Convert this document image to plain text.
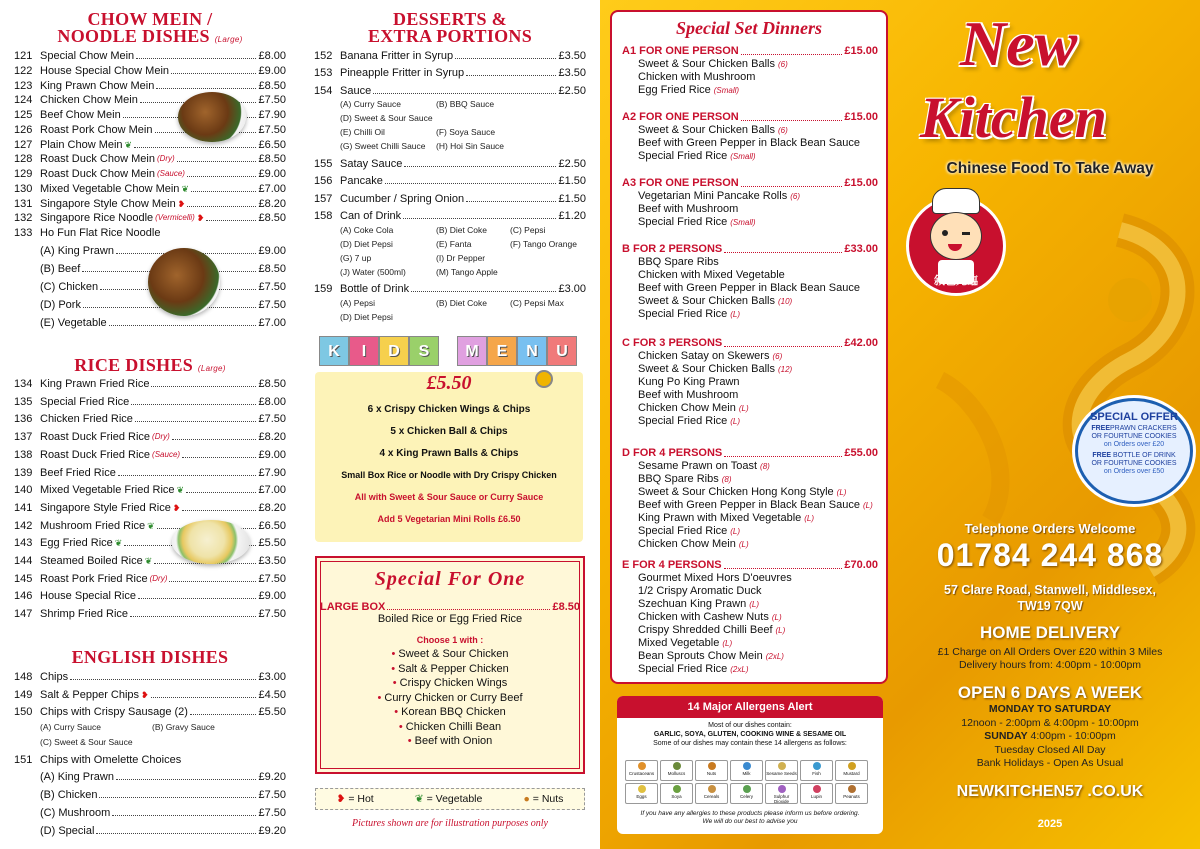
CHOW MEIN /
NOODLE DISHES (Large)
121 Special Chow Mein	£8.00
122 House Special Chow Mein	£9.00
123 King Prawn Chow Mein	£8.50
124 Chicken Chow Mein	£7.50
125 Beef Chow Mein	£7.90
126 Roast Pork Chow Mein	£7.50
127 Plain Chow Mein ❦	£6.50
128 Roast Duck Chow Mein (Dry)	£8.50
129 Roast Duck Chow Mein (Sauce)	£9.00
130 Mixed Vegetable Chow Mein ❦	£7.00
131 Singapore Style Chow Mein ❥	£8.20
132 Singapore Rice Noodle (Vermicelli) ❥	£8.50
133 Ho Fun Flat Rice Noodle
(A) King Prawn	£9.00
(B) Beef	£8.50
(C) Chicken	£7.50
(D) Pork	£7.50
(E) Vegetable	£7.00
RICE DISHES (Large)
134 King Prawn Fried Rice	£8.50
135 Special Fried Rice	£8.00
136 Chicken Fried Rice	£7.50
137 Roast Duck Fried Rice (Dry)	£8.20
138 Roast Duck Fried Rice (Sauce)	£9.00
139 Beef Fried Rice	£7.90
140 Mixed Vegetable Fried Rice ❦	£7.00
141 Singapore Style Fried Rice ❥	£8.20
142 Mushroom Fried Rice ❦	£6.50
143 Egg Fried Rice ❦	£5.50
144 Steamed Boiled Rice ❦	£3.50
145 Roast Pork Fried Rice (Dry)	£7.50
146 House Special Rice	£9.00
147 Shrimp Fried Rice	£7.50
ENGLISH DISHES
148 Chips	£3.00
149 Salt & Pepper Chips ❥	£4.50
150 Chips with Crispy Sausage (2)	£5.50
(A) Curry Sauce	(B) Gravy Sauce
(C) Sweet & Sour Sauce
151 Chips with Omelette Choices
(A) King Prawn	£9.20
(B) Chicken	£7.50
(C) Mushroom	£7.50
(D) Special	£9.20
DESSERTS &
EXTRA PORTIONS
152 Banana Fritter in Syrup	£3.50
153 Pineapple Fritter in Syrup	£3.50
154 Sauce	£2.50
(A) Curry Sauce	(B) BBQ Sauce
(D) Sweet & Sour Sauce
(E) Chilli Oil	(F) Soya Sauce
(G) Sweet Chilli Sauce (H) Hoi Sin Sauce
155 Satay Sauce	£2.50
156 Pancake	£1.50
157 Cucumber / Spring Onion	£1.50
158 Can of Drink	£1.20
(A) Coke Cola	(B) Diet Coke	(C) Pepsi
(D) Diet Pepsi	(E) Fanta	(F) Tango Orange
(G) 7 up	(I) Dr Pepper
(J) Water (500ml)	(M) Tango Apple
159 Bottle of Drink	£3.00
(A) Pepsi	(B) Diet Coke	(C) Pepsi Max
(D) Diet Pepsi
K	I	D	S	M	E	N	U
£5.50
6 x Crispy Chicken Wings & Chips
5 x Chicken Ball & Chips
4 x King Prawn Balls & Chips
Small Box Rice or Noodle with Dry Crispy Chicken
All with Sweet & Sour Sauce or Curry Sauce
Add 5 Vegetarian Mini Rolls £6.50
Special For One
LARGE BOX	£8.50
Boiled Rice or Egg Fried Rice
Choose 1 with :
• Sweet & Sour Chicken
• Salt & Pepper Chicken
• Crispy Chicken Wings
• Curry Chicken or Curry Beef
• Korean BBQ Chicken
• Chicken Chilli Bean
• Beef with Onion
❥ = Hot	❦ = Vegetable	● = Nuts
Pictures shown are for illustration purposes only
Special Set Dinners
A1 FOR ONE PERSON	£15.00
Sweet & Sour Chicken Balls (6)
Chicken with Mushroom
Egg Fried Rice (Small)
A2 FOR ONE PERSON	£15.00
Sweet & Sour Chicken Balls (6)
Beef with Green Pepper in Black Bean Sauce
Special Fried Rice (Small)
A3 FOR ONE PERSON	£15.00
Vegetarian Mini Pancake Rolls (6)
Beef with Mushroom
Special Fried Rice (Small)
B FOR 2 PERSONS	£33.00
BBQ Spare Ribs
Chicken with Mixed Vegetable
Beef with Green Pepper in Black Bean Sauce
Sweet & Sour Chicken Balls (10)
Special Fried Rice (L)
C FOR 3 PERSONS	£42.00
Chicken Satay on Skewers (6)
Sweet & Sour Chicken Balls (12)
Kung Po King Prawn
Beef with Mushroom
Chicken Chow Mein (L)
Special Fried Rice (L)
D FOR 4 PERSONS	£55.00
Sesame Prawn on Toast (8)
BBQ Spare Ribs (8)
Sweet & Sour Chicken Hong Kong Style (L)
Beef with Green Pepper in Black Bean Sauce (L)
King Prawn with Mixed Vegetable (L)
Special Fried Rice (L)
Chicken Chow Mein (L)
E FOR 4 PERSONS	£70.00
Gourmet Mixed Hors D'oeuvres
1/2 Crispy Aromatic Duck
Szechuan King Prawn (L)
Chicken with Cashew Nuts (L)
Crispy Shredded Chilli Beef (L)
Mixed Vegetable (L)
Bean Sprouts Chow Mein (2xL)
Special Fried Rice (2xL)
14 Major Allergens Alert
Most of our dishes contain:
GARLIC, SOYA, GLUTEN, COOKING WINE & SESAME OIL
Some of our dishes may contain these 14 allergens as follows:
Crustaceans	Molluscs	Nuts	Milk	Sesame Seeds	Fish	Mustard
Eggs	Soya	Cereals	Celery	Sulphur Dioxide
Lupin	Peanuts
If you have any allergies to these products please inform us before ordering.
We will do our best to advise you
New
Kitchen
Chinese Food To Take Away
敘包光臨
SPECIAL OFFER
FREEPRAWN CRACKERS
OR FOURTUNE COOKIES
on Orders over £20
FREE BOTTLE OF DRINK
OR FOURTUNE COOKIES
on Orders over £50
Telephone Orders Welcome
01784 244 868
57 Clare Road, Stanwell, Middlesex,
TW19 7QW
HOME DELIVERY
£1 Charge on All Orders Over £20 within 3 Miles
Delivery hours from: 4:00pm - 10:00pm
OPEN 6 DAYS A WEEK
MONDAY TO SATURDAY
12noon - 2:00pm & 4:00pm - 10:00pm
SUNDAY 4:00pm - 10:00pm
Tuesday Closed All Day
Bank Holidays - Open As Usual
NEWKITCHEN57 .CO.UK
2025
